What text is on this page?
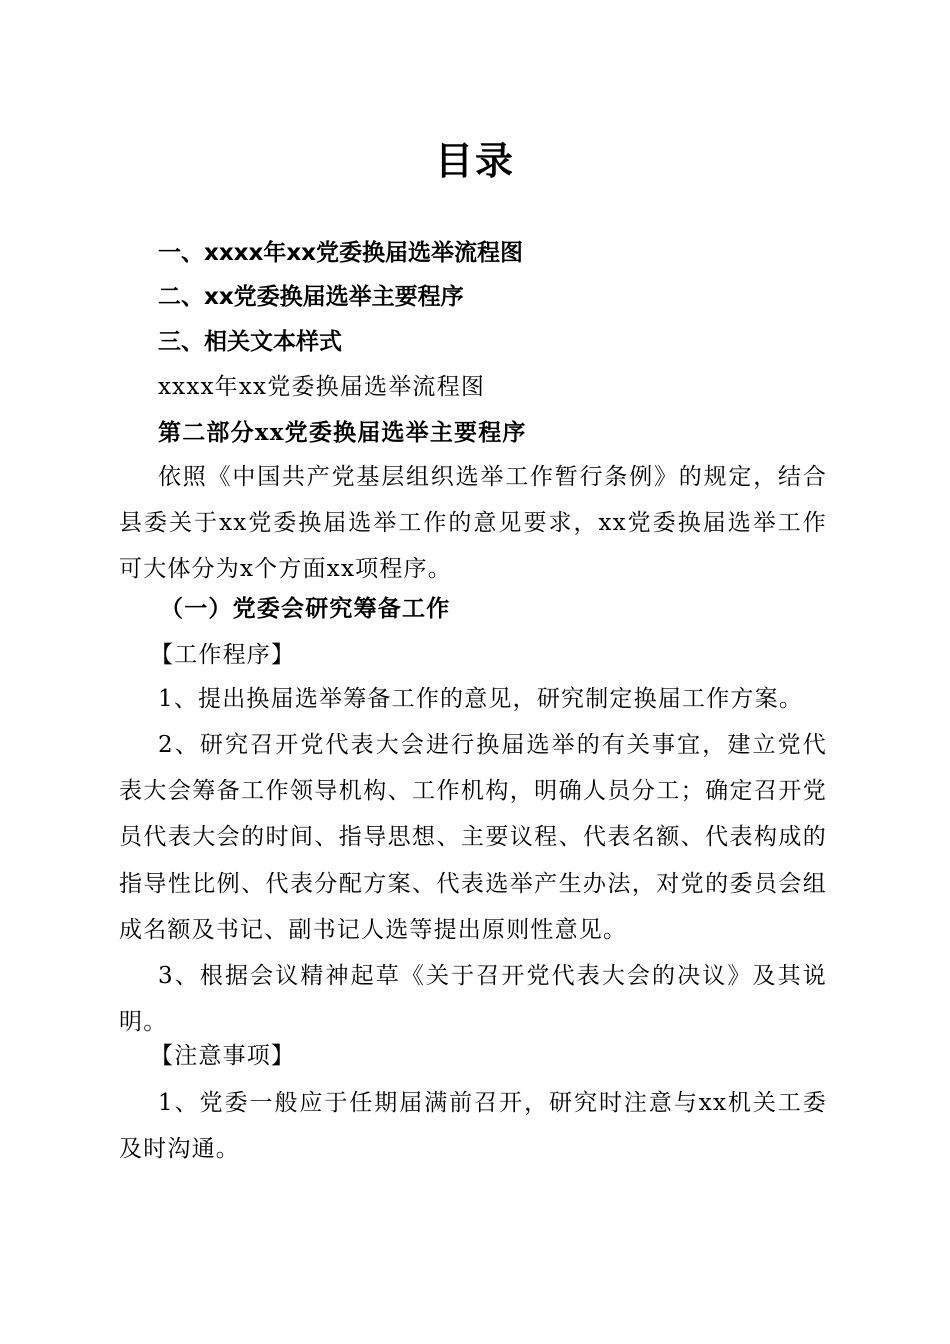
目录
一、xxxx年xx党委换届选举流程图
二、xx党委换届选举主要程序
三、相关文本样式
xxxx年xx党委换届选举流程图
第二部分xx党委换届选举主要程序

依照《中国共产党基层组织选举工作暂行条例》的规定，结合县委关于xx党委换届选举工作的意见要求，xx党委换届选举工作可大体分为x个方面xx项程序。

（一）党委会研究筹备工作
【工作程序】

1、提出换届选举筹备工作的意见，研究制定换届工作方案。

2、研究召开党代表大会进行换届选举的有关事宜，建立党代表大会筹备工作领导机构、工作机构，明确人员分工；确定召开党员代表大会的时间、指导思想、主要议程、代表名额、代表构成的指导性比例、代表分配方案、代表选举产生办法，对党的委员会组成名额及书记、副书记人选等提出原则性意见。

3、根据会议精神起草《关于召开党代表大会的决议》及其说明。

【注意事项】

1、党委一般应于任期届满前召开，研究时注意与xx机关工委及时沟通。
